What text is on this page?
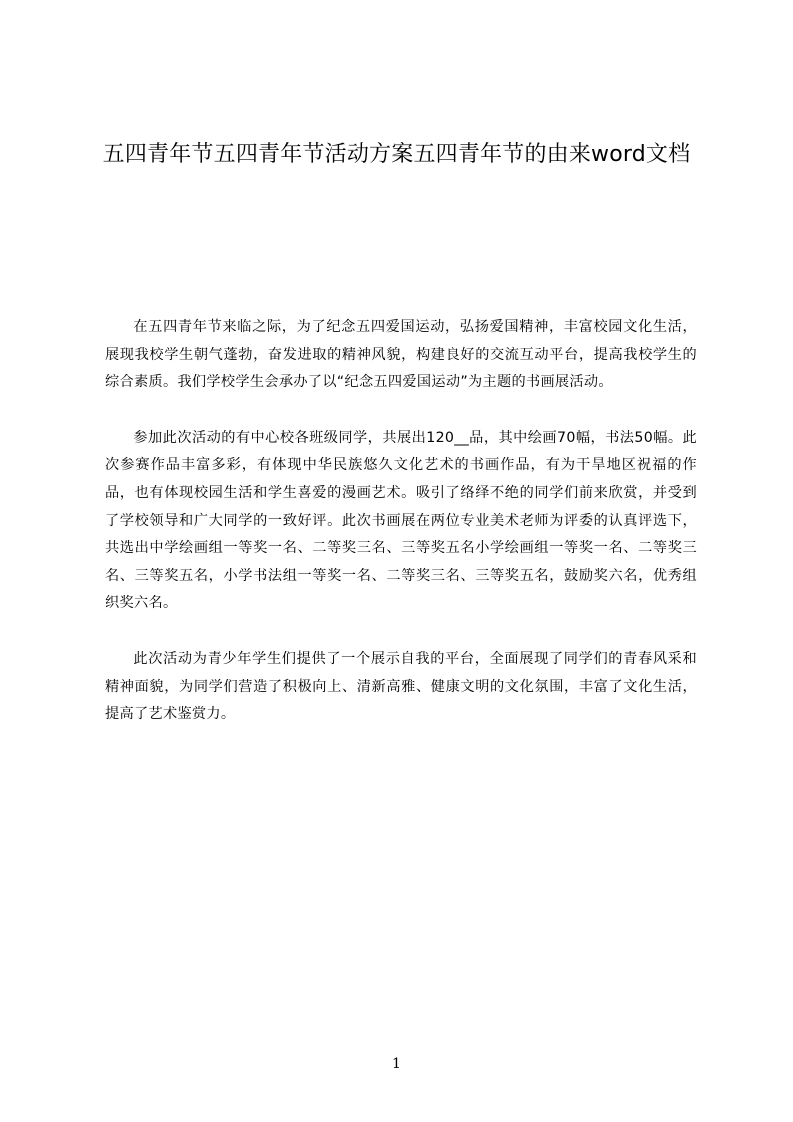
五四青年节五四青年节活动方案五四青年节的由来word文档

在五四青年节来临之际，为了纪念五四爱国运动，弘扬爱国精神，丰富校园文化生活，展现我校学生朝气蓬勃，奋发进取的精神风貌，构建良好的交流互动平台，提高我校学生的综合素质。我们学校学生会承办了以“纪念五四爱国运动”为主题的书画展活动。

参加此次活动的有中心校各班级同学，共展出120__品，其中绘画70幅，书法50幅。此次参赛作品丰富多彩，有体现中华民族悠久文化艺术的书画作品，有为干旱地区祝福的作品，也有体现校园生活和学生喜爱的漫画艺术。吸引了络绎不绝的同学们前来欣赏，并受到了学校领导和广大同学的一致好评。此次书画展在两位专业美术老师为评委的认真评选下，共选出中学绘画组一等奖一名、二等奖三名、三等奖五名小学绘画组一等奖一名、二等奖三名、三等奖五名，小学书法组一等奖一名、二等奖三名、三等奖五名，鼓励奖六名，优秀组织奖六名。

此次活动为青少年学生们提供了一个展示自我的平台，全面展现了同学们的青春风采和精神面貌，为同学们营造了积极向上、清新高雅、健康文明的文化氛围，丰富了文化生活，提高了艺术鉴赏力。

1
